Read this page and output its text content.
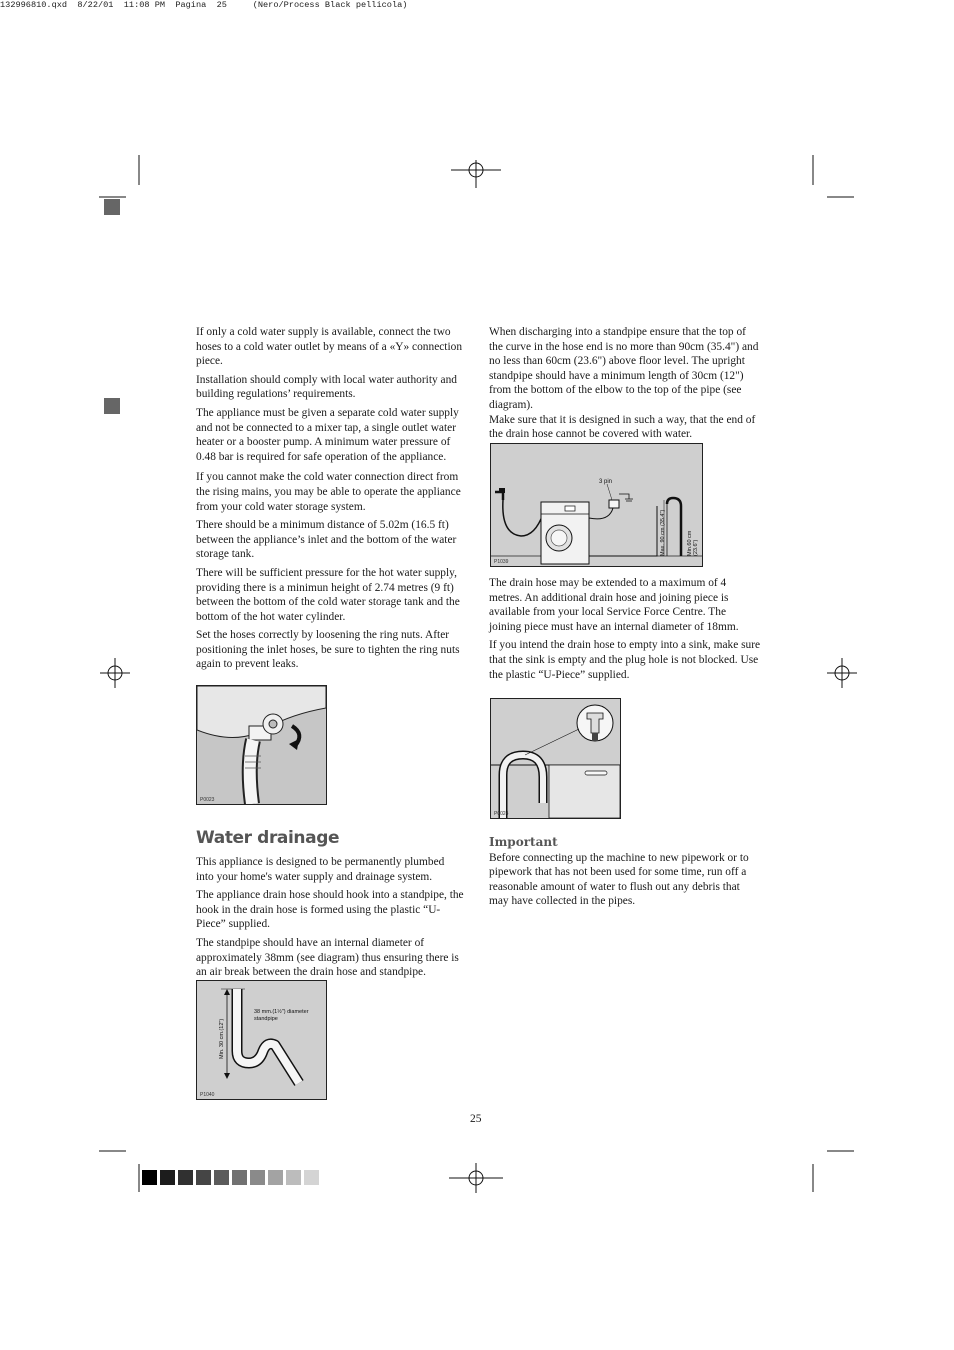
132996810.qxd  8/22/01  11:08 PM  Pagina  25     (Nero/Process Black pellicola)

If only a cold water supply is available, connect the two hoses to a cold water outlet by means of a «Y» connection piece.

Installation should comply with local water authority and building regulations’ requirements.

The appliance must be given a separate cold water supply and not be connected to a mixer tap, a single outlet water heater or a booster pump. A minimum water pressure of 0.48 bar is required for safe operation of the appliance.

If you cannot make the cold water connection direct from the rising mains, you may be able to operate the appliance from your cold water storage system.

There should be a minimum distance of 5.02m (16.5 ft) between the appliance’s inlet and the bottom of the water storage tank.

There will be sufficient pressure for the hot water supply, providing there is a minimun height of 2.74 metres (9 ft) between the bottom of the cold water storage tank and the bottom of the hot water cylinder.

Set the hoses correctly by loosening the ring nuts. After positioning the inlet hoses, be sure to tighten the ring nuts again to prevent leaks.

P0023
Water drainage

This appliance is designed to be permanently plumbed into your home's water supply and drainage system.

The appliance drain hose should hook into a standpipe, the hook in the drain hose is formed using the plastic “U-Piece” supplied.

The standpipe should have an internal diameter of approximately 38mm (see diagram) thus ensuring there is an air break between the drain hose and standpipe.

38 mm.(1½") diameter
standpipe
Min. 30 cm.(12")
P1040

When discharging into a standpipe ensure that the top of the curve in the hose end is no more than 90cm (35.4") and no less than 60cm (23.6") above floor level. The upright standpipe should have a minimum length of 30cm (12") from the bottom of the elbow to the top of the pipe (see diagram).

Make sure that it is designed in such a way, that the end of the drain hose cannot be covered with water.

3 pin
Max. 90 cm (35.4")	Min.60 cm (23.6")
P1039

The drain hose may be extended to a maximum of 4 metres. An additional drain hose and joining piece is available from your local Service Force Centre. The joining piece must have an internal diameter of 18mm.

If you intend the drain hose to empty into a sink, make sure that the sink is empty and the plug hole is not blocked. Use the plastic “U-Piece” supplied.

P0024
Important

Before connecting up the machine to new pipework or to pipework that has not been used for some time, run off a reasonable amount of water to flush out any debris that may have collected in the pipes.

25
